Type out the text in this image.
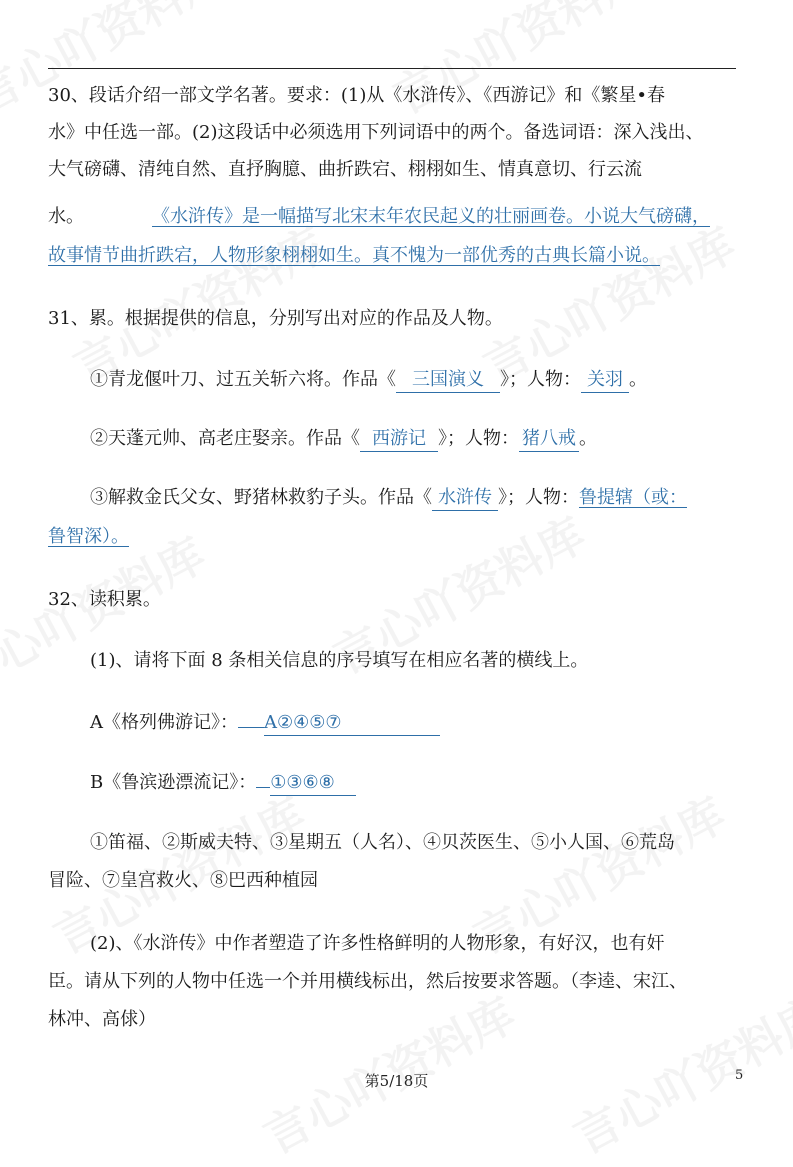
30、段话介绍一部文学名著。要求：(1)从《水浒传》、《西游记》和《繁星•春
水》中任选一部。(2)这段话中必须选用下列词语中的两个。备选词语：深入浅出、
大气磅礴、清纯自然、直抒胸臆、曲折跌宕、栩栩如生、情真意切、行云流
水。	《水浒传》是一幅描写北宋末年农民起义的壮丽画卷。小说大气磅礴，
故事情节曲折跌宕，人物形象栩栩如生。真不愧为一部优秀的古典长篇小说。
31、累。根据提供的信息，分别写出对应的作品及人物。
①青龙偃叶刀、过五关斩六将。作品《 三国演义 》；人物： 关羽 。
②天蓬元帅、高老庄娶亲。作品《 西游记 》；人物： 猪八戒 。
③解救金氏父女、野猪林救豹子头。作品《 水浒传 》；人物：鲁提辖（或：
鲁智深）。
32、读积累。
(1)、请将下面 8 条相关信息的序号填写在相应名著的横线上。
A《格列佛游记》： A②④⑤⑦
B《鲁滨逊漂流记》： ①③⑥⑧
①笛福、②斯威夫特、③星期五（人名）、④贝茨医生、⑤小人国、⑥荒岛
冒险、⑦皇宫救火、⑧巴西种植园
(2)、《水浒传》中作者塑造了许多性格鲜明的人物形象，有好汉，也有奸
臣。请从下列的人物中任选一个并用横线标出，然后按要求答题。（李逵、宋江、
林冲、高俅）
第5/18页	5
